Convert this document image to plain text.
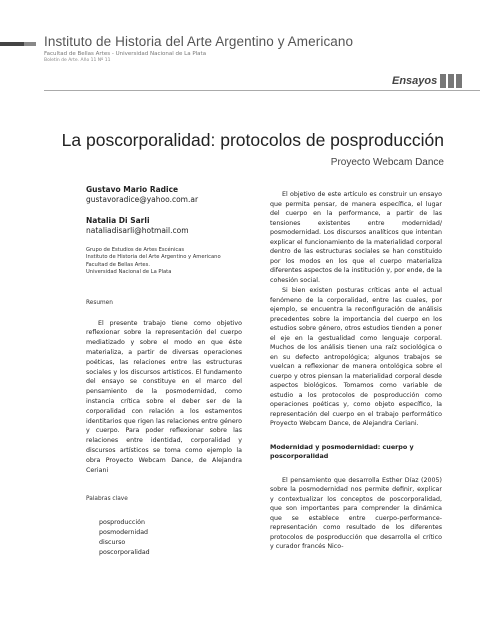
Instituto de Historia del Arte Argentino y Americano
Facultad de Bellas Artes - Universidad Nacional de La Plata
Boletín de Arte. Año 11 Nº 11
Ensayos
La poscorporalidad: protocolos de posproducción
Proyecto Webcam Dance
Gustavo Mario Radice
gustavoradice@yahoo.com.ar
Natalia Di Sarli
nataliadisarli@hotmail.com
Grupo de Estudios de Artes Escénicas
Instituto de Historia del Arte Argentino y Americano
Facultad de Bellas Artes.
Universidad Nacional de La Plata
Resumen

El presente trabajo tiene como objetivo reflexionar sobre la representación del cuerpo mediatizado y sobre el modo en que éste materializa, a partir de diversas operaciones poéticas, las relaciones entre las estructuras sociales y los discursos artísticos. El fundamento del ensayo se constituye en el marco del pensamiento de la posmodernidad, como instancia crítica sobre el deber ser de la corporalidad con relación a los estamentos identitarios que rigen las relaciones entre género y cuerpo. Para poder reflexionar sobre las relaciones entre identidad, corporalidad y discursos artísticos se toma como ejemplo la obra Proyecto Webcam Dance, de Alejandra Ceriani

Palabras clave
posproducción
posmodernidad
discurso
poscorporalidad

El objetivo de este artículo es construir un ensayo que permita pensar, de manera específica, el lugar del cuerpo en la performance, a partir de las tensiones existentes entre modernidad/ posmodernidad. Los discursos analíticos que intentan explicar el funcionamiento de la materialidad corporal dentro de las estructuras sociales se han constituido por los modos en los que el cuerpo materializa diferentes aspectos de la institución y, por ende, de la cohesión social.

Si bien existen posturas críticas ante el actual fenómeno de la corporalidad, entre las cuales, por ejemplo, se encuentra la reconfiguración de análisis precedentes sobre la importancia del cuerpo en los estudios sobre género, otros estudios tienden a poner el eje en la gestualidad como lenguaje corporal. Muchos de los análisis tienen una raíz sociológica o en su defecto antropológica; algunos trabajos se vuelcan a reflexionar de manera ontológica sobre el cuerpo y otros piensan la materialidad corporal desde aspectos biológicos. Tomamos como variable de estudio a los protocolos de posproducción como operaciones poéticas y, como objeto específico, la representación del cuerpo en el trabajo performático Proyecto Webcam Dance, de Alejandra Ceriani.

Modernidad y posmodernidad: cuerpo y poscorporalidad

El pensamiento que desarrolla Esther Díaz (2005) sobre la posmodernidad nos permite definir, explicar y contextualizar los conceptos de poscorporalidad, que son importantes para comprender la dinámica que se establece entre cuerpo-performance-representación como resultado de los diferentes protocolos de posproducción que desarrolla el crítico y curador francés Nico-
